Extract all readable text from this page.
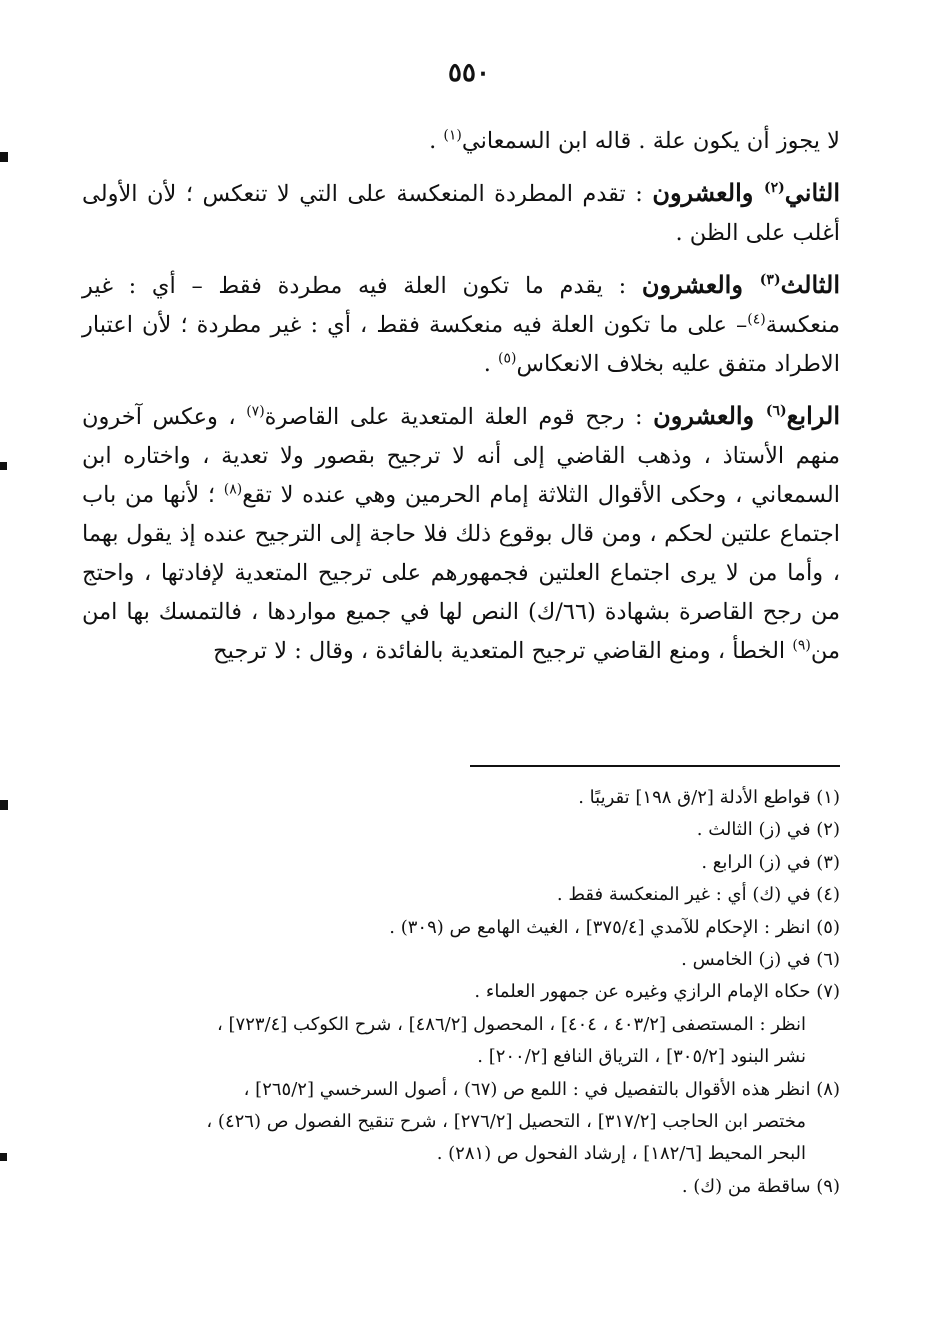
٥٥٠

لا يجوز أن يكون علة . قاله ابن السمعاني$^{(١)}$ .

الثاني$^{(٢)}$ والعشرون : تقدم المطردة المنعكسة على التي لا تنعكس ؛ لأن الأولى أغلب على الظن .

الثالث$^{(٣)}$ والعشرون : يقدم ما تكون العلة فيه مطردة فقط – أي : غير منعكسة$^{(٤)}$– على ما تكون العلة فيه منعكسة فقط ، أي : غير مطردة ؛ لأن اعتبار الاطراد متفق عليه بخلاف الانعكاس$^{(٥)}$ .

الرابع$^{(٦)}$ والعشرون : رجح قوم العلة المتعدية على القاصرة$^{(٧)}$ ، وعكس آخرون منهم الأستاذ ، وذهب القاضي إلى أنه لا ترجيح بقصور ولا تعدية ، واختاره ابن السمعاني ، وحكى الأقوال الثلاثة إمام الحرمين وهي عنده لا تقع$^{(٨)}$ ؛ لأنها من باب اجتماع علتين لحكم ، ومن قال بوقوع ذلك فلا حاجة إلى الترجيح عنده إذ يقول بهما ، وأما من لا يرى اجتماع العلتين فجمهورهم على ترجيح المتعدية لإفادتها ، واحتج من رجح القاصرة بشهادة (٦٦/ك) النص لها في جميع مواردها ، فالتمسك بها امن من$^{(٩)}$ الخطأ ، ومنع القاضي ترجيح المتعدية بالفائدة ، وقال : لا ترجيح

(١) قواطع الأدلة [٢/ق ١٩٨] تقريبًا .
(٢) في (ز) الثالث .
(٣) في (ز) الرابع .
(٤) في (ك) أي : غير المنعكسة فقط .
(٥) انظر : الإحكام للآمدي [٣٧٥/٤] ، الغيث الهامع ص (٣٠٩) .
(٦) في (ز) الخامس .
(٧) حكاه الإمام الرازي وغيره عن جمهور العلماء .
انظر : المستصفى [٤٠٣/٢ ، ٤٠٤] ، المحصول [٤٨٦/٢] ، شرح الكوكب [٧٢٣/٤] ،
نشر البنود [٣٠٥/٢] ، الترياق النافع [٢٠٠/٢] .
(٨) انظر هذه الأقوال بالتفصيل في : اللمع ص (٦٧) ، أصول السرخسي [٢٦٥/٢] ،
مختصر ابن الحاجب [٣١٧/٢] ، التحصيل [٢٧٦/٢] ، شرح تنقيح الفصول ص (٤٢٦) ،
البحر المحيط [١٨٢/٦] ، إرشاد الفحول ص (٢٨١) .
(٩) ساقطة من (ك) .
